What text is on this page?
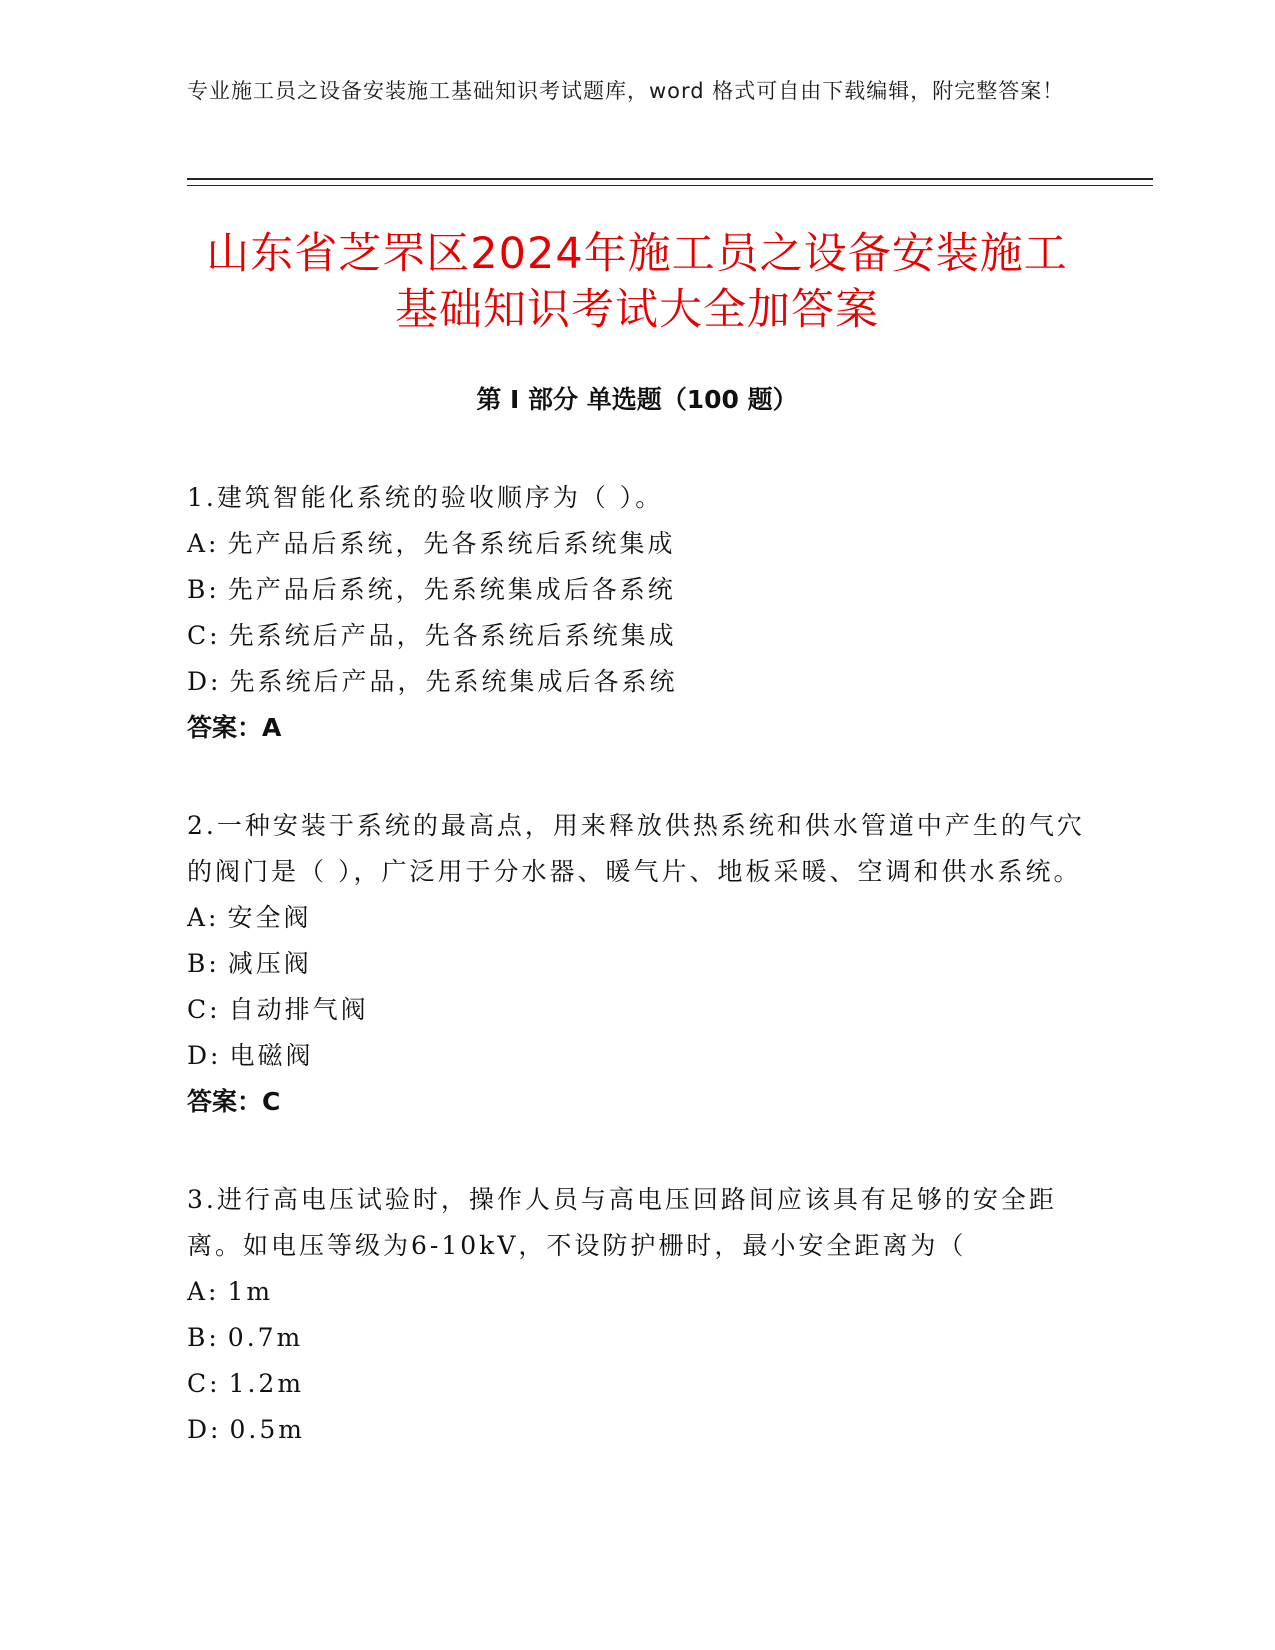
专业施工员之设备安装施工基础知识考试题库，word 格式可自由下载编辑，附完整答案！
山东省芝罘区2024年施工员之设备安装施工基础知识考试大全加答案
第 I 部分 单选题（100 题）

1.建筑智能化系统的验收顺序为（ ）。

A: 先产品后系统，先各系统后系统集成

B: 先产品后系统，先系统集成后各系统

C: 先系统后产品，先各系统后系统集成

D: 先系统后产品，先系统集成后各系统

答案：A

2.一种安装于系统的最高点，用来释放供热系统和供水管道中产生的气穴的阀门是（ ），广泛用于分水器、暖气片、地板采暖、空调和供水系统。

A: 安全阀

B: 减压阀

C: 自动排气阀

D: 电磁阀

答案：C

3.进行高电压试验时，操作人员与高电压回路间应该具有足够的安全距离。如电压等级为6-10kV，不设防护栅时，最小安全距离为（

A: 1m

B: 0.7m

C: 1.2m

D: 0.5m
